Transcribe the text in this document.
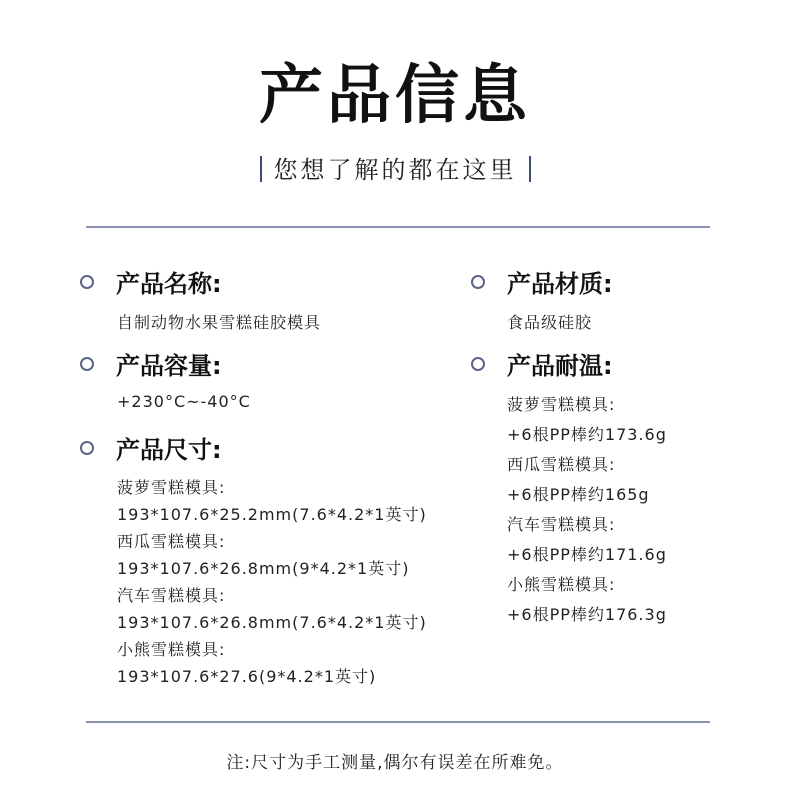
产品信息
您想了解的都在这里
产品名称:
自制动物水果雪糕硅胶模具
产品容量:
+230°C~-40°C
产品尺寸:
菠萝雪糕模具:
193*107.6*25.2mm(7.6*4.2*1英寸)
西瓜雪糕模具:
193*107.6*26.8mm(9*4.2*1英寸)
汽车雪糕模具:
193*107.6*26.8mm(7.6*4.2*1英寸)
小熊雪糕模具:
193*107.6*27.6(9*4.2*1英寸)
产品材质:
食品级硅胶
产品耐温:
菠萝雪糕模具:
+6根PP棒约173.6g
西瓜雪糕模具:
+6根PP棒约165g
汽车雪糕模具:
+6根PP棒约171.6g
小熊雪糕模具:
+6根PP棒约176.3g
注:尺寸为手工测量,偶尔有误差在所难免。
